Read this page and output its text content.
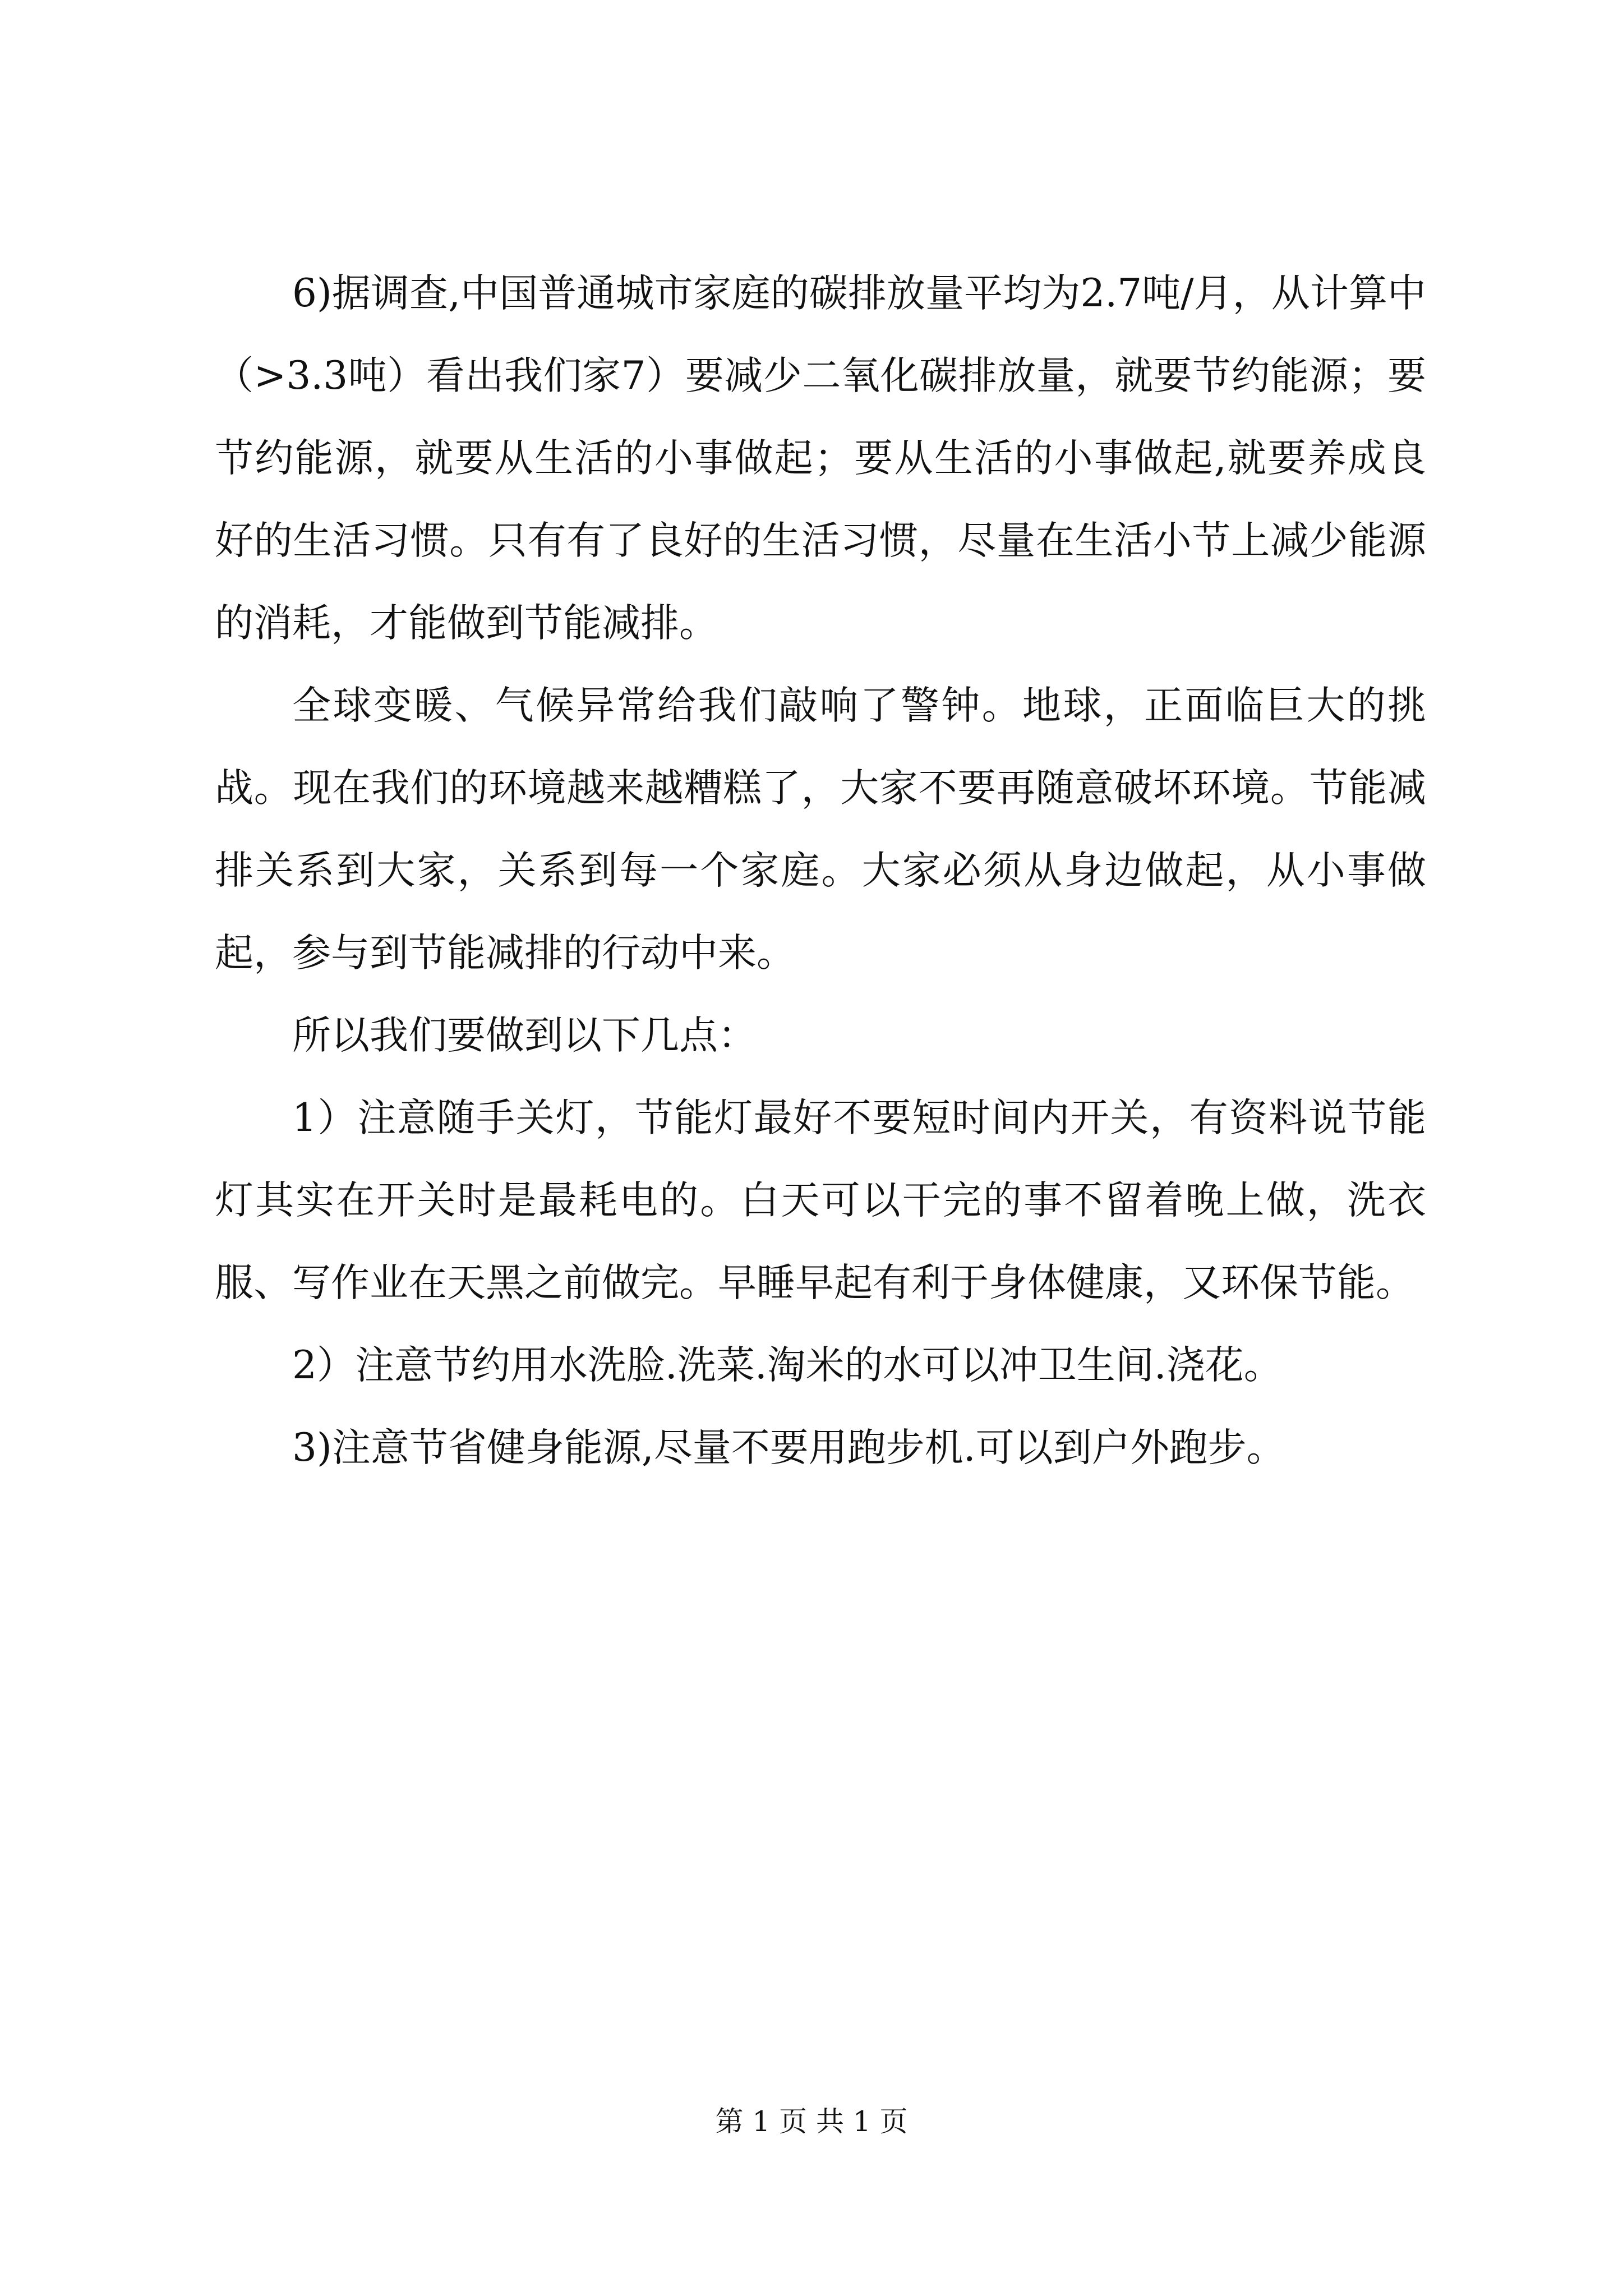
6)据调查,中国普通城市家庭的碳排放量平均为2.7吨/月，从计算中（>3.3吨）看出我们家7）要减少二氧化碳排放量，就要节约能源；要节约能源，就要从生活的小事做起；要从生活的小事做起,就要养成良好的生活习惯。只有有了良好的生活习惯，尽量在生活小节上减少能源的消耗，才能做到节能减排。

全球变暖、气候异常给我们敲响了警钟。地球，正面临巨大的挑战。现在我们的环境越来越糟糕了，大家不要再随意破坏环境。节能减排关系到大家，关系到每一个家庭。大家必须从身边做起，从小事做起，参与到节能减排的行动中来。

所以我们要做到以下几点：

1）注意随手关灯，节能灯最好不要短时间内开关，有资料说节能灯其实在开关时是最耗电的。白天可以干完的事不留着晚上做，洗衣服、写作业在天黑之前做完。早睡早起有利于身体健康，又环保节能。

2）注意节约用水洗脸.洗菜.淘米的水可以冲卫生间.浇花。

3)注意节省健身能源,尽量不要用跑步机.可以到户外跑步。

第 1 页 共 1 页
